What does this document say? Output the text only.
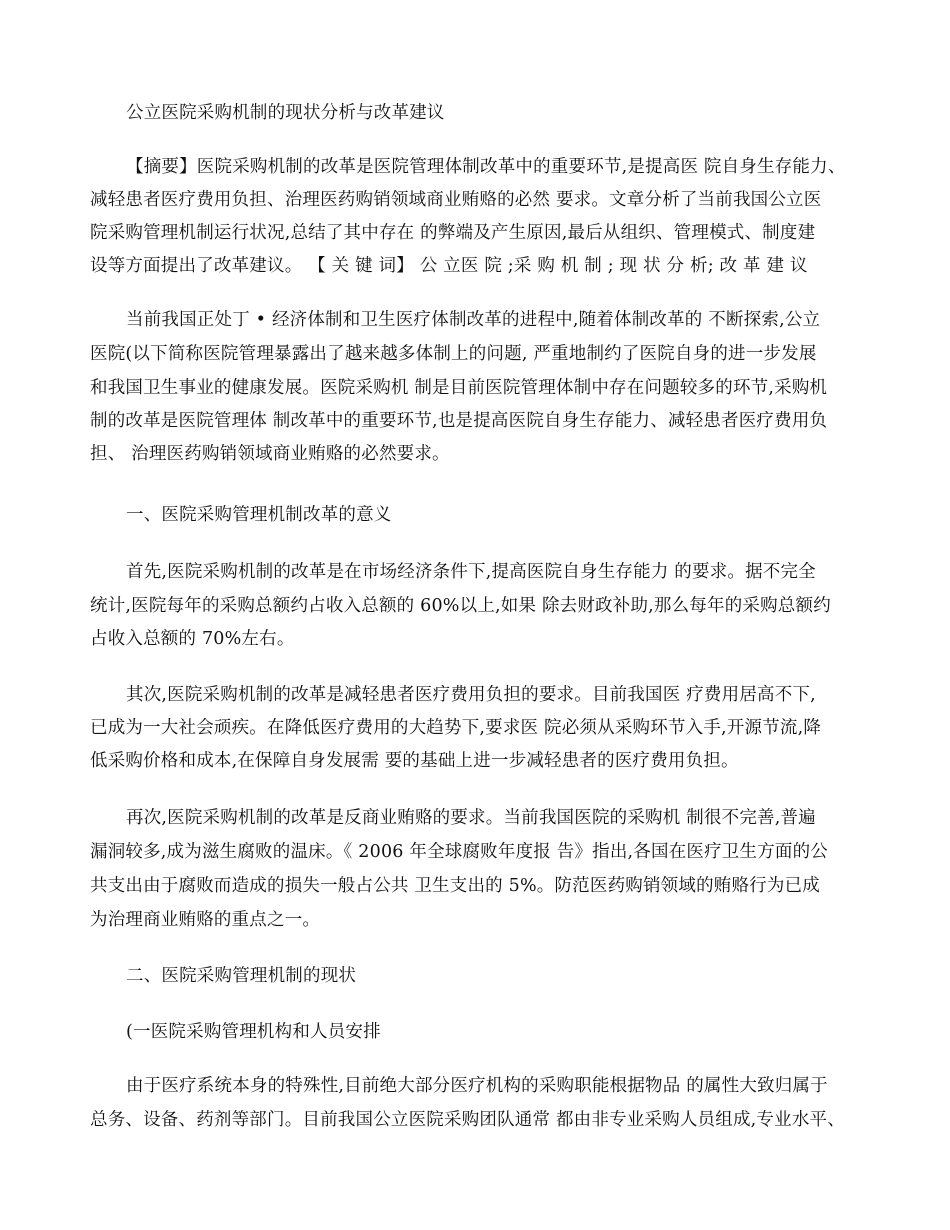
公立医院采购机制的现状分析与改革建议
【摘要】医院采购机制的改革是医院管理体制改革中的重要环节,是提高医 院自身生存能力、
减轻患者医疗费用负担、治理医药购销领域商业贿赂的必然 要求。文章分析了当前我国公立医
院采购管理机制运行状况,总结了其中存在 的弊端及产生原因,最后从组织、管理模式、制度建
设等方面提出了改革建议。 【 关 键 词】 公 立医 院 ;采 购 机 制 ; 现 状 分 析; 改 革 建 议
当前我国正处丁 • 经济体制和卫生医疗体制改革的进程中,随着体制改革的 不断探索,公立
医院(以下简称医院管理暴露出了越来越多体制上的问题, 严重地制约了医院自身的进一步发展
和我国卫生事业的健康发展。医院采购机 制是目前医院管理体制中存在问题较多的环节,采购机
制的改革是医院管理体 制改革中的重要环节,也是提高医院自身生存能力、减轻患者医疗费用负
担、 治理医药购销领域商业贿赂的必然要求。
一、医院采购管理机制改革的意义
首先,医院采购机制的改革是在市场经济条件下,提高医院自身生存能力 的要求。据不完全
统计,医院每年的采购总额约占收入总额的 60%以上,如果 除去财政补助,那么每年的采购总额约
占收入总额的 70%左右。
其次,医院采购机制的改革是减轻患者医疗费用负担的要求。目前我国医 疗费用居高不下,
已成为一大社会顽疾。在降低医疗费用的大趋势下,要求医 院必须从采购环节入手,开源节流,降
低采购价格和成本,在保障自身发展需 要的基础上进一步减轻患者的医疗费用负担。
再次,医院采购机制的改革是反商业贿赂的要求。当前我国医院的采购机 制很不完善,普遍
漏洞较多,成为滋生腐败的温床。《 2006 年全球腐败年度报 告》指出,各国在医疗卫生方面的公
共支出由于腐败而造成的损失一般占公共 卫生支出的 5%。防范医药购销领域的贿赂行为已成
为治理商业贿赂的重点之一。
二、医院采购管理机制的现状
(一医院采购管理机构和人员安排
由于医疗系统本身的特殊性,目前绝大部分医疗机构的采购职能根据物品 的属性大致归属于
总务、设备、药剂等部门。目前我国公立医院采购团队通常 都由非专业采购人员组成,专业水平、
